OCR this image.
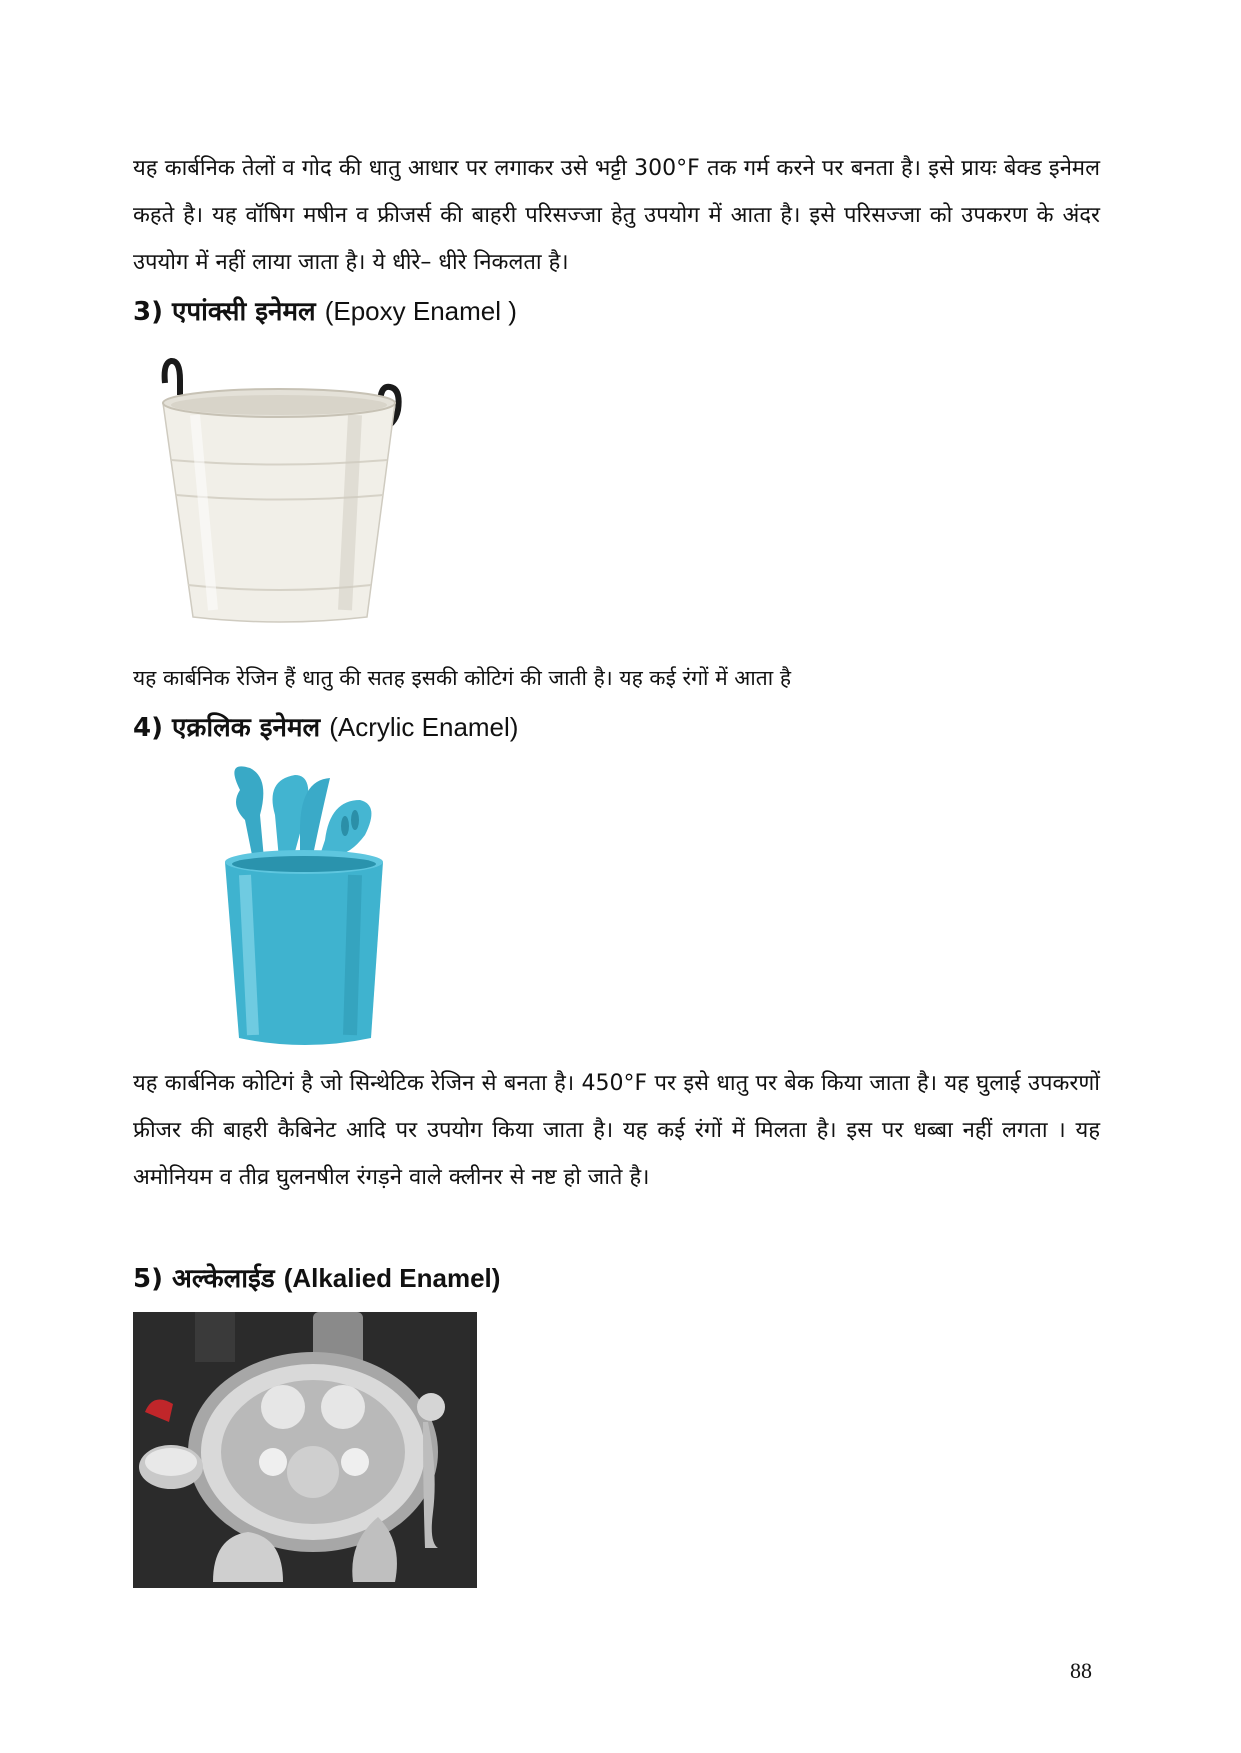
यह कार्बनिक तेलों व गोद की धातु आधार पर लगाकर उसे भट्टी 300°F तक गर्म करने पर बनता है। इसे प्रायः बेक्ड इनेमल कहते है। यह वॉषिग मषीन व फ्रीजर्स की बाहरी परिसज्जा हेतु उपयोग में आता है। इसे परिसज्जा को उपकरण के अंदर उपयोग में नहीं लाया जाता है। ये धीरे– धीरे निकलता है।

3) एपांक्सी इनेमल (Epoxy Enamel )

यह कार्बनिक रेजिन हैं धातु की सतह इसकी कोटिगं की जाती है। यह कई रंगों में आता है

4) एक्रलिक इनेमल (Acrylic Enamel)

यह कार्बनिक कोटिगं है जो सिन्थेटिक रेजिन से बनता है। 450°F पर इसे धातु पर बेक किया जाता है। यह घुलाई उपकरणों फ्रीजर की बाहरी कैबिनेट आदि पर उपयोग किया जाता है। यह कई रंगों में मिलता है। इस पर धब्बा नहीं लगता । यह अमोनियम व तीव्र घुलनषील रंगड़ने वाले क्लीनर से नष्ट हो जाते है।

5) अल्केलाईड (Alkalied Enamel)
88
